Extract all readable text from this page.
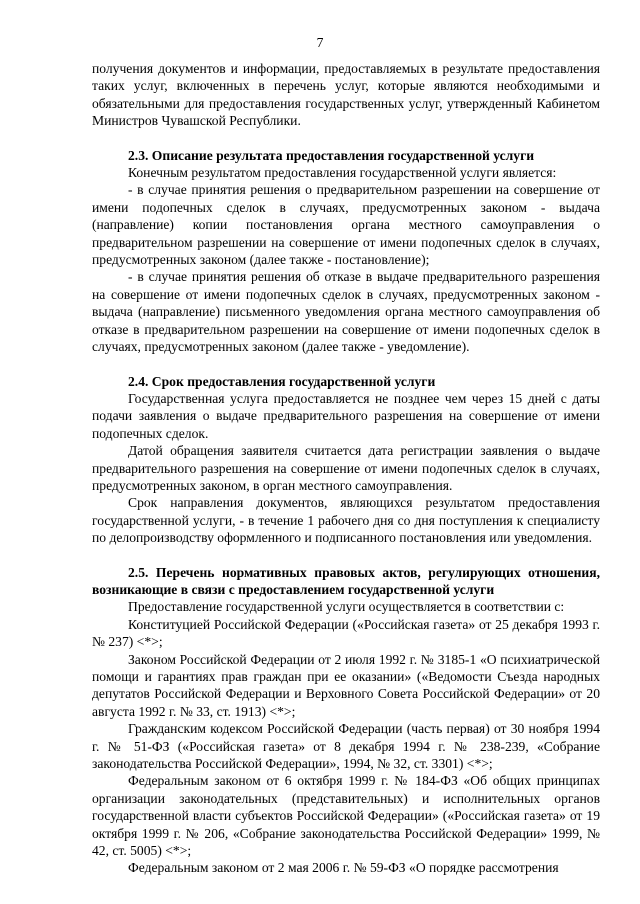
7

получения документов и информации, предоставляемых в результате предоставления таких услуг, включенных в перечень услуг, которые являются необходимыми и обязательными для предоставления государственных услуг, утвержденный Кабинетом Министров Чувашской Республики.

2.3. Описание результата предоставления государственной услуги

Конечным результатом предоставления государственной услуги является:

- в случае принятия решения о предварительном разрешении на совершение от имени подопечных сделок в случаях, предусмотренных законом - выдача (направление) копии постановления органа местного самоуправления о предварительном разрешении на совершение от имени подопечных сделок в случаях, предусмотренных законом (далее также - постановление);

- в случае принятия решения об отказе в выдаче предварительного разрешения на совершение от имени подопечных сделок в случаях, предусмотренных законом - выдача (направление) письменного уведомления органа местного самоуправления об отказе в предварительном разрешении на совершение от имени подопечных сделок в случаях, предусмотренных законом (далее также - уведомление).

2.4. Срок предоставления государственной услуги

Государственная услуга предоставляется не позднее чем через 15 дней с даты подачи заявления о выдаче предварительного разрешения на совершение от имени подопечных сделок.

Датой обращения заявителя считается дата регистрации заявления о выдаче предварительного разрешения на совершение от имени подопечных сделок в случаях, предусмотренных законом, в орган местного самоуправления.

Срок направления документов, являющихся результатом предоставления государственной услуги, - в течение 1 рабочего дня со дня поступления к специалисту по делопроизводству оформленного и подписанного постановления или уведомления.

2.5. Перечень нормативных правовых актов, регулирующих отношения, возникающие в связи с предоставлением государственной услуги

Предоставление государственной услуги осуществляется в соответствии с:

Конституцией Российской Федерации («Российская газета» от 25 декабря 1993 г. № 237) <*>;

Законом Российской Федерации от 2 июля 1992 г. № 3185-1 «О психиатрической помощи и гарантиях прав граждан при ее оказании» («Ведомости Съезда народных депутатов Российской Федерации и Верховного Совета Российской Федерации» от 20 августа 1992 г. № 33, ст. 1913) <*>;

Гражданским кодексом Российской Федерации (часть первая) от 30 ноября 1994 г. № 51-ФЗ («Российская газета» от 8 декабря 1994 г. № 238-239, «Собрание законодательства Российской Федерации», 1994, № 32, ст. 3301) <*>;

Федеральным законом от 6 октября 1999 г. № 184-ФЗ «Об общих принципах организации законодательных (представительных) и исполнительных органов государственной власти субъектов Российской Федерации» («Российская газета» от 19 октября 1999 г. № 206, «Собрание законодательства Российской Федерации» 1999, № 42, ст. 5005) <*>;

Федеральным законом от 2 мая 2006 г. № 59-ФЗ «О порядке рассмотрения
